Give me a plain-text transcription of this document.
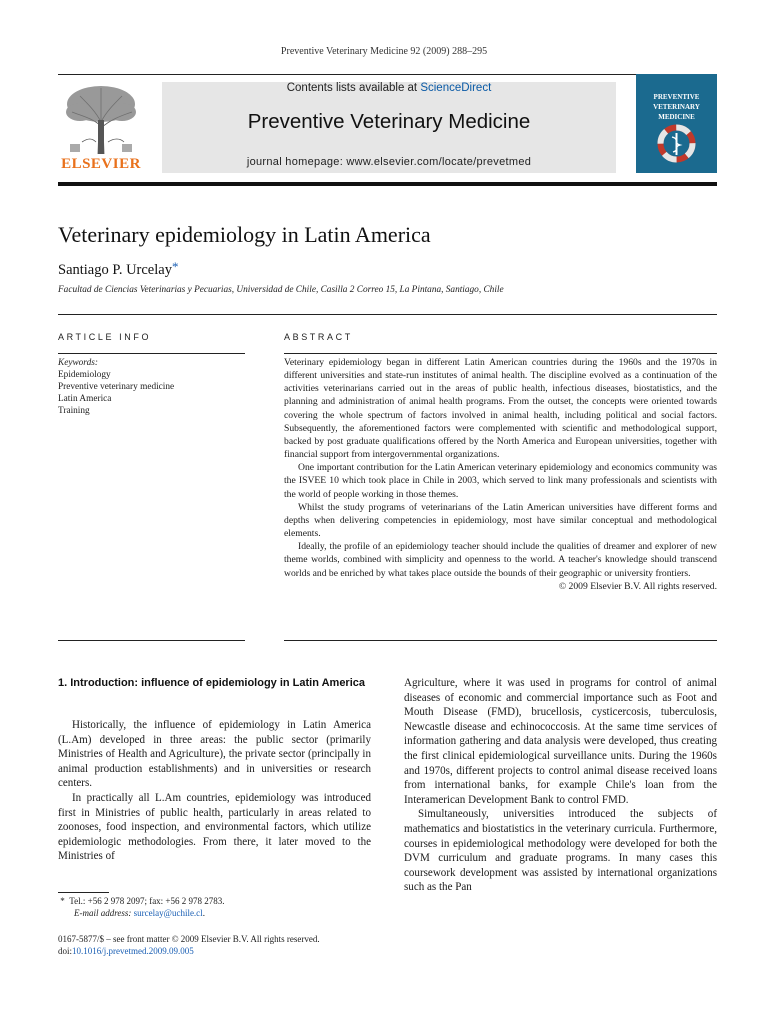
Preventive Veterinary Medicine 92 (2009) 288–295
ELSEVIER
Contents lists available at ScienceDirect
Preventive Veterinary Medicine
journal homepage: www.elsevier.com/locate/prevetmed
PREVENTIVE
VETERINARY
MEDICINE
Veterinary epidemiology in Latin America
Santiago P. Urcelay*
Facultad de Ciencias Veterinarias y Pecuarias, Universidad de Chile, Casilla 2 Correo 15, La Pintana, Santiago, Chile
ARTICLE INFO	ABSTRACT
Keywords:
Epidemiology
Preventive veterinary medicine
Latin America
Training

Veterinary epidemiology began in different Latin American countries during the 1960s and the 1970s in different universities and state-run institutes of animal health. The discipline evolved as a continuation of the activities veterinarians carried out in the areas of public health, infectious diseases, biostatistics, and the planning and administration of animal health programs. From the outset, the concepts were oriented towards covering the whole spectrum of factors involved in animal health, including political and social factors. Subsequently, the aforementioned factors were complemented with scientific and methodological support, backed by post graduate qualifications offered by the North America and European universities, together with financial support from intergovernmental organizations.

One important contribution for the Latin American veterinary epidemiology and economics community was the ISVEE 10 which took place in Chile in 2003, which served to link many professionals and scientists with the world of people working in those themes.

Whilst the study programs of veterinarians of the Latin American universities have different forms and depths when delivering competencies in epidemiology, most have similar conceptual and methodological elements.

Ideally, the profile of an epidemiology teacher should include the qualities of dreamer and explorer of new theme worlds, combined with simplicity and openness to the world. A teacher's knowledge should transcend worlds and be enriched by what takes place outside the bounds of their geographic or university frontiers.

© 2009 Elsevier B.V. All rights reserved.

1. Introduction: influence of epidemiology in Latin America

Historically, the influence of epidemiology in Latin America (L.Am) developed in three areas: the public sector (primarily Ministries of Health and Agriculture), the private sector (principally in animal production establishments) and in universities or research centers.

In practically all L.Am countries, epidemiology was introduced first in Ministries of public health, particularly in areas related to zoonoses, food inspection, and environmental factors, which utilize epidemiologic methodologies. From there, it later moved to the Ministries of

Agriculture, where it was used in programs for control of animal diseases of economic and commercial importance such as Foot and Mouth Disease (FMD), brucellosis, cysticercosis, tuberculosis, Newcastle disease and echinococcosis. At the same time services of information gathering and data analysis were developed, thus creating the first clinical epidemiological surveillance units. During the 1960s and 1970s, different projects to control animal disease received loans from international banks, for example Chile's loan from the Interamerican Development Bank to control FMD.

Simultaneously, universities introduced the subjects of mathematics and biostatistics in the veterinary curricula. Furthermore, courses in epidemiological methodology were developed for both the DVM curriculum and graduate programs. In many cases this coursework development was assisted by international organizations such as the Pan

* Tel.: +56 2 978 2097; fax: +56 2 978 2783.
E-mail address: surcelay@uchile.cl.
0167-5877/$ – see front matter © 2009 Elsevier B.V. All rights reserved.
doi:10.1016/j.prevetmed.2009.09.005
